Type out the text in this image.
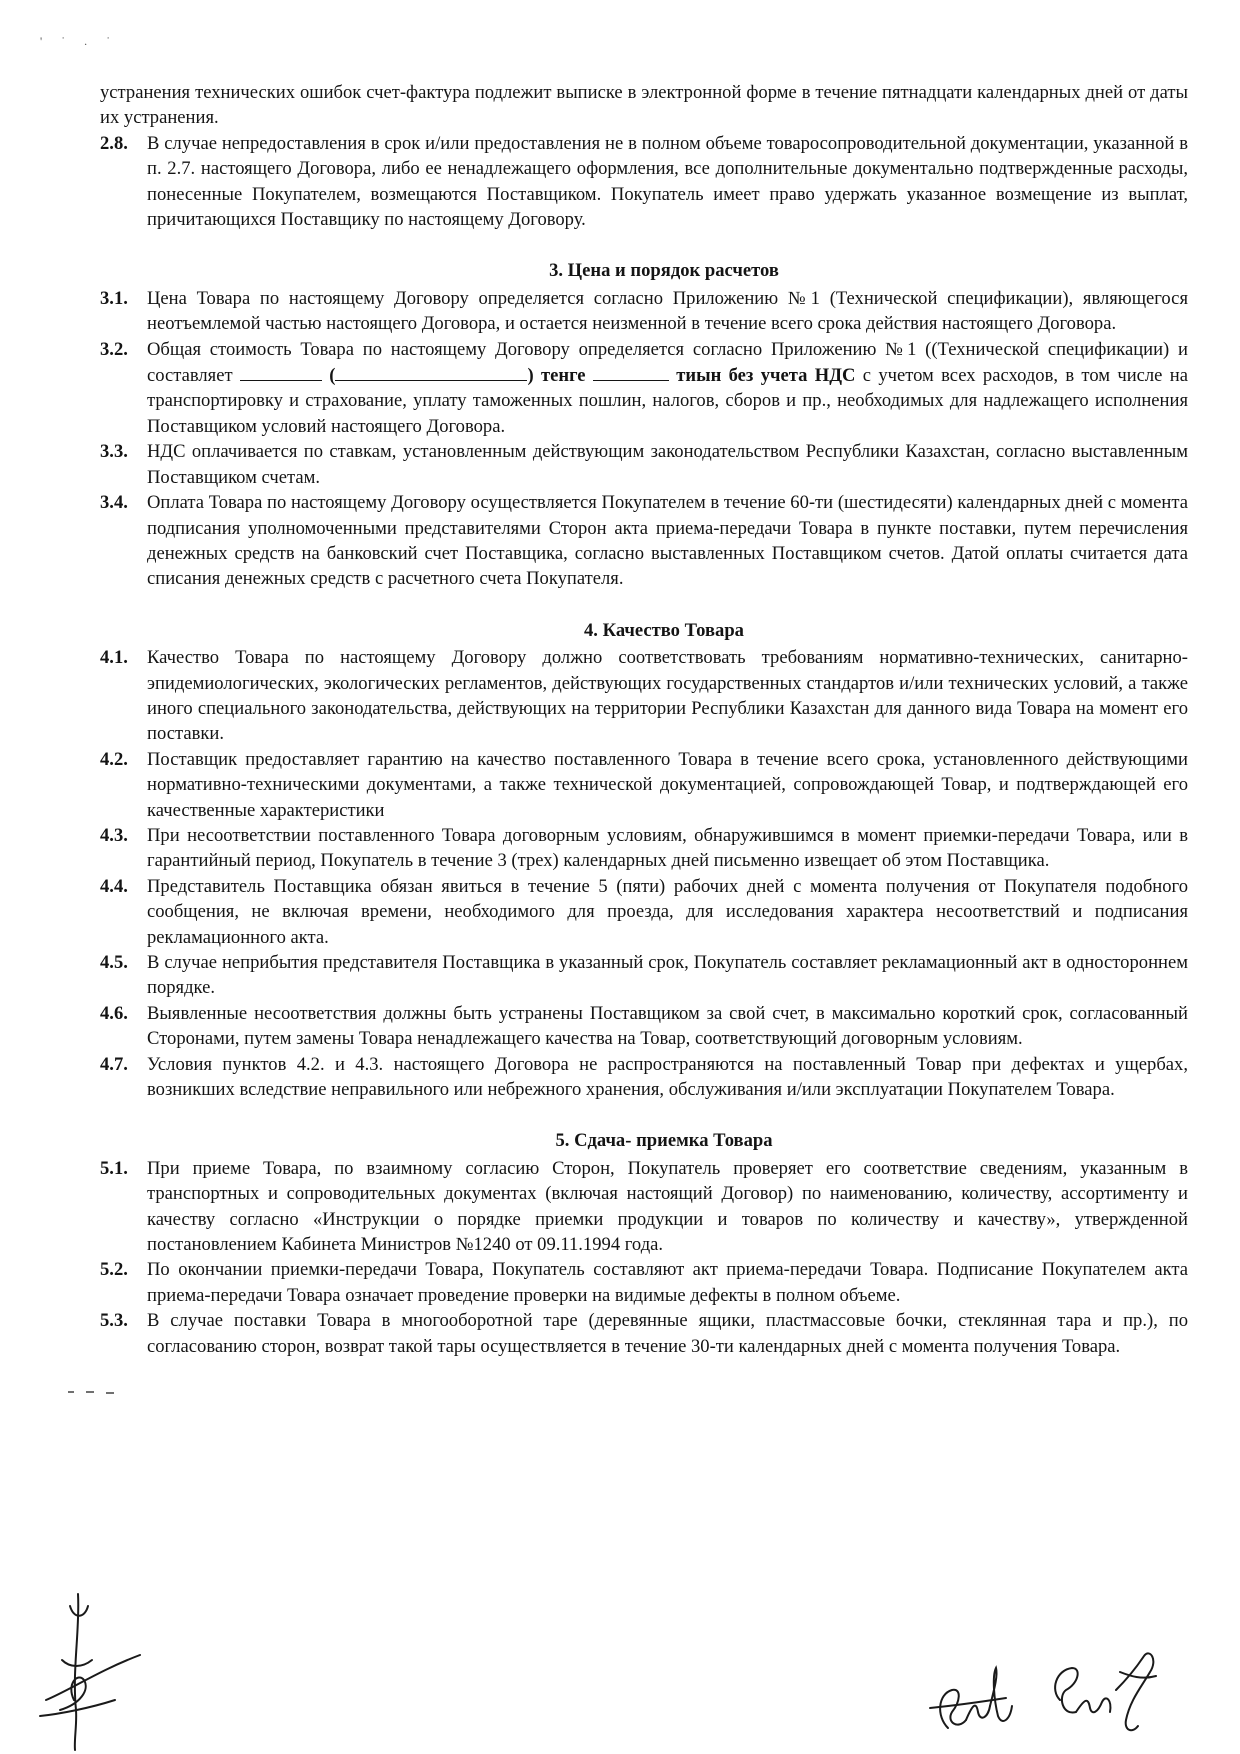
' ˙ . ˙

устранения технических ошибок счет-фактура подлежит выписке в электронной форме в течение пятнадцати календарных дней от даты их устранения.

2.8.	В случае непредоставления в срок и/или предоставления не в полном объеме товаросопроводительной документации, указанной в п. 2.7. настоящего Договора, либо ее ненадлежащего оформления, все дополнительные документально подтвержденные расходы, понесенные Покупателем, возмещаются Поставщиком. Покупатель имеет право удержать указанное возмещение из выплат, причитающихся Поставщику по настоящему Договору.
3. Цена и порядок расчетов
3.1.	Цена Товара по настоящему Договору определяется согласно Приложению №1 (Технической спецификации), являющегося неотъемлемой частью настоящего Договора, и остается неизменной в течение всего срока действия настоящего Договора.
3.2.	Общая стоимость Товара по настоящему Договору определяется согласно Приложению №1 ((Технической спецификации) и составляет	(	) тенге	тиын без учета НДС с учетом всех расходов, в том числе на транспортировку и страхование, уплату таможенных пошлин, налогов, сборов и пр., необходимых для надлежащего исполнения Поставщиком условий настоящего Договора.
3.3.	НДС оплачивается по ставкам, установленным действующим законодательством Республики Казахстан, согласно выставленным Поставщиком счетам.
3.4.	Оплата Товара по настоящему Договору осуществляется Покупателем в течение 60-ти (шестидесяти) календарных дней с момента подписания уполномоченными представителями Сторон акта приема-передачи Товара в пункте поставки, путем перечисления денежных средств на банковский счет Поставщика, согласно выставленных Поставщиком счетов. Датой оплаты считается дата списания денежных средств с расчетного счета Покупателя.
4. Качество Товара
4.1.	Качество Товара по настоящему Договору должно соответствовать требованиям нормативно-технических, санитарно-эпидемиологических, экологических регламентов, действующих государственных стандартов и/или технических условий, а также иного специального законодательства, действующих на территории Республики Казахстан для данного вида Товара на момент его поставки.
4.2.	Поставщик предоставляет гарантию на качество поставленного Товара в течение всего срока, установленного действующими нормативно-техническими документами, а также технической документацией, сопровождающей Товар, и подтверждающей его качественные характеристики
4.3.	При несоответствии поставленного Товара договорным условиям, обнаружившимся в момент приемки-передачи Товара, или в гарантийный период, Покупатель в течение 3 (трех) календарных дней письменно извещает об этом Поставщика.
4.4.	Представитель Поставщика обязан явиться в течение 5 (пяти) рабочих дней с момента получения от Покупателя подобного сообщения, не включая времени, необходимого для проезда, для исследования характера несоответствий и подписания рекламационного акта.
4.5.	В случае неприбытия представителя Поставщика в указанный срок, Покупатель составляет рекламационный акт в одностороннем порядке.
4.6.	Выявленные несоответствия должны быть устранены Поставщиком за свой счет, в максимально короткий срок, согласованный Сторонами, путем замены Товара ненадлежащего качества на Товар, соответствующий договорным условиям.
4.7.	Условия пунктов 4.2. и 4.3. настоящего Договора не распространяются на поставленный Товар при дефектах и ущербах, возникших вследствие неправильного или небрежного хранения, обслуживания и/или эксплуатации Покупателем Товара.
5. Сдача- приемка Товара
5.1.	При приеме Товара, по взаимному согласию Сторон, Покупатель проверяет его соответствие сведениям, указанным в транспортных и сопроводительных документах (включая настоящий Договор) по наименованию, количеству, ассортименту и качеству согласно «Инструкции о порядке приемки продукции и товаров по количеству и качеству», утвержденной постановлением Кабинета Министров №1240 от 09.11.1994 года.
5.2.	По окончании приемки-передачи Товара, Покупатель составляют акт приема-передачи Товара. Подписание Покупателем акта приема-передачи Товара означает проведение проверки на видимые дефекты в полном объеме.
5.3.	В случае поставки Товара в многооборотной таре (деревянные ящики, пластмассовые бочки, стеклянная тара и пр.), по согласованию сторон, возврат такой тары осуществляется в течение 30-ти календарных дней с момента получения Товара.
